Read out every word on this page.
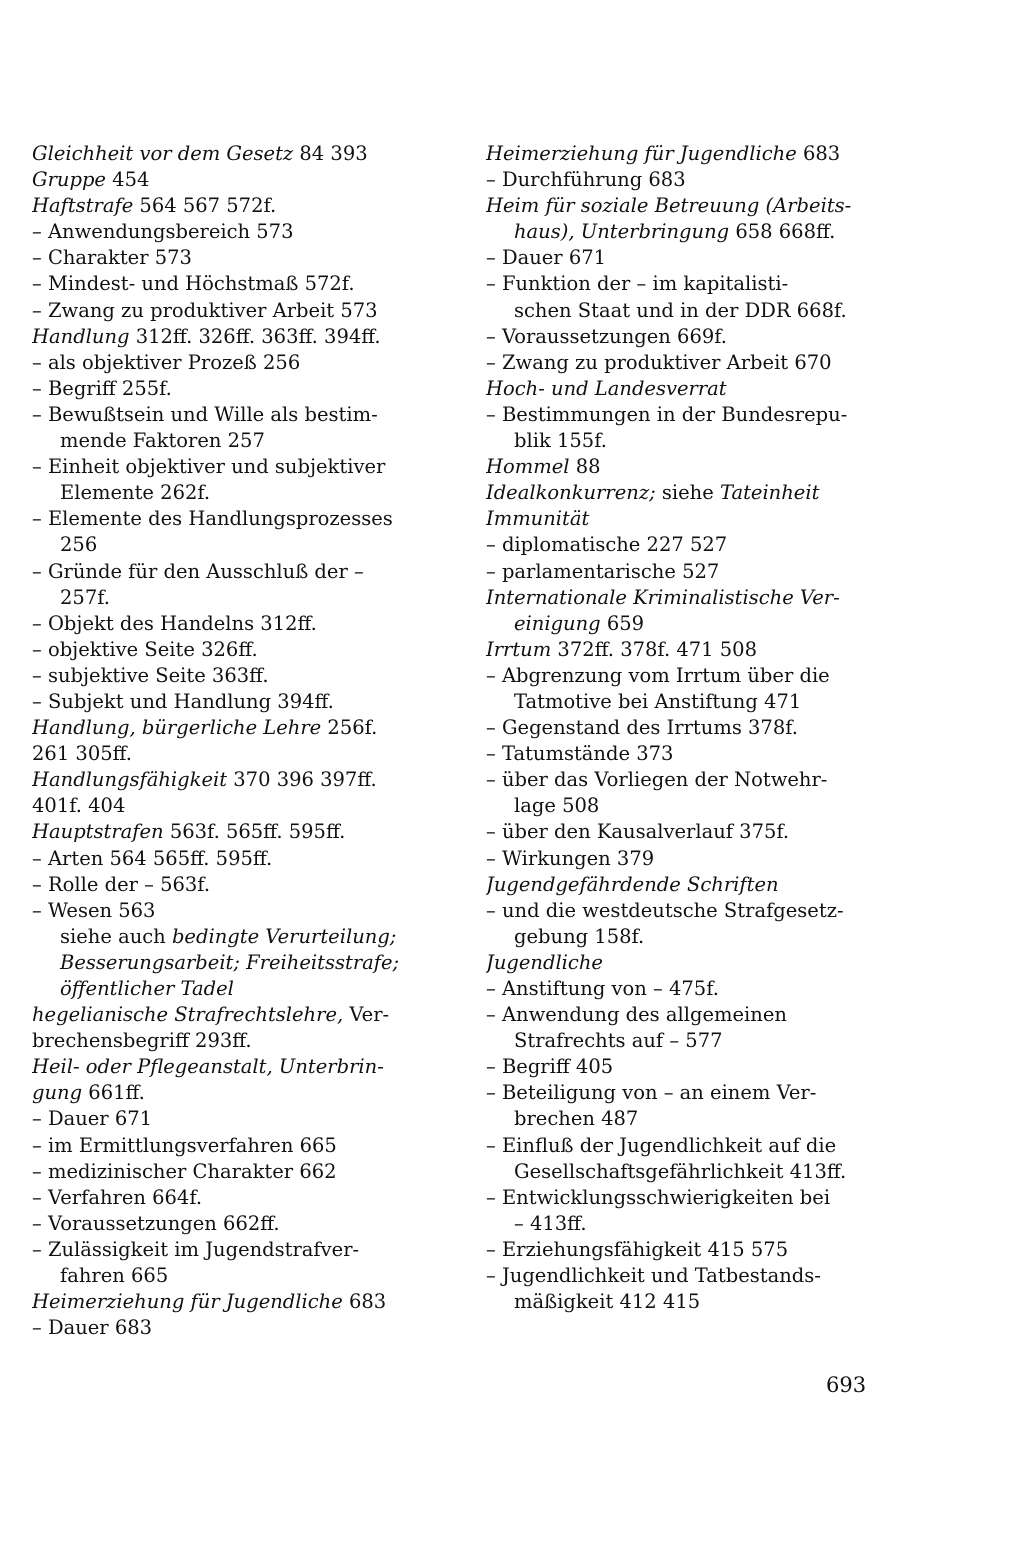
Gleichheit vor dem Gesetz 84 393
Gruppe 454
Haftstrafe 564 567 572f.
– Anwendungsbereich 573
– Charakter 573
– Mindest- und Höchstmaß 572f.
– Zwang zu produktiver Arbeit 573
Handlung 312ff. 326ff. 363ff. 394ff.
– als objektiver Prozeß 256
– Begriff 255f.
– Bewußtsein und Wille als bestim-
mende Faktoren 257
– Einheit objektiver und subjektiver
Elemente 262f.
– Elemente des Handlungsprozesses
256
– Gründe für den Ausschluß der –
257f.
– Objekt des Handelns 312ff.
– objektive Seite 326ff.
– subjektive Seite 363ff.
– Subjekt und Handlung 394ff.
Handlung, bürgerliche Lehre 256f.
261 305ff.
Handlungsfähigkeit 370 396 397ff.
401f. 404
Hauptstrafen 563f. 565ff. 595ff.
– Arten 564 565ff. 595ff.
– Rolle der – 563f.
– Wesen 563
siehe auch bedingte Verurteilung;
Besserungsarbeit; Freiheitsstrafe;
öffentlicher Tadel
hegelianische Strafrechtslehre, Ver-
brechensbegriff 293ff.
Heil- oder Pflegeanstalt, Unterbrin-
gung 661ff.
– Dauer 671
– im Ermittlungsverfahren 665
– medizinischer Charakter 662
– Verfahren 664f.
– Voraussetzungen 662ff.
– Zulässigkeit im Jugendstrafver-
fahren 665
Heimerziehung für Jugendliche 683
– Dauer 683
Heimerziehung für Jugendliche 683
– Durchführung 683
Heim für soziale Betreuung (Arbeits-
haus), Unterbringung 658 668ff.
– Dauer 671
– Funktion der – im kapitalisti-
schen Staat und in der DDR 668f.
– Voraussetzungen 669f.
– Zwang zu produktiver Arbeit 670
Hoch- und Landesverrat
– Bestimmungen in der Bundesrepu-
blik 155f.
Hommel 88
Idealkonkurrenz; siehe Tateinheit
Immunität
– diplomatische 227 527
– parlamentarische 527
Internationale Kriminalistische Ver-
einigung 659
Irrtum 372ff. 378f. 471 508
– Abgrenzung vom Irrtum über die
Tatmotive bei Anstiftung 471
– Gegenstand des Irrtums 378f.
– Tatumstände 373
– über das Vorliegen der Notwehr-
lage 508
– über den Kausalverlauf 375f.
– Wirkungen 379
Jugendgefährdende Schriften
– und die westdeutsche Strafgesetz-
gebung 158f.
Jugendliche
– Anstiftung von – 475f.
– Anwendung des allgemeinen
Strafrechts auf – 577
– Begriff 405
– Beteiligung von – an einem Ver-
brechen 487
– Einfluß der Jugendlichkeit auf die
Gesellschaftsgefährlichkeit 413ff.
– Entwicklungsschwierigkeiten bei
– 413ff.
– Erziehungsfähigkeit 415 575
– Jugendlichkeit und Tatbestands-
mäßigkeit 412 415
693
